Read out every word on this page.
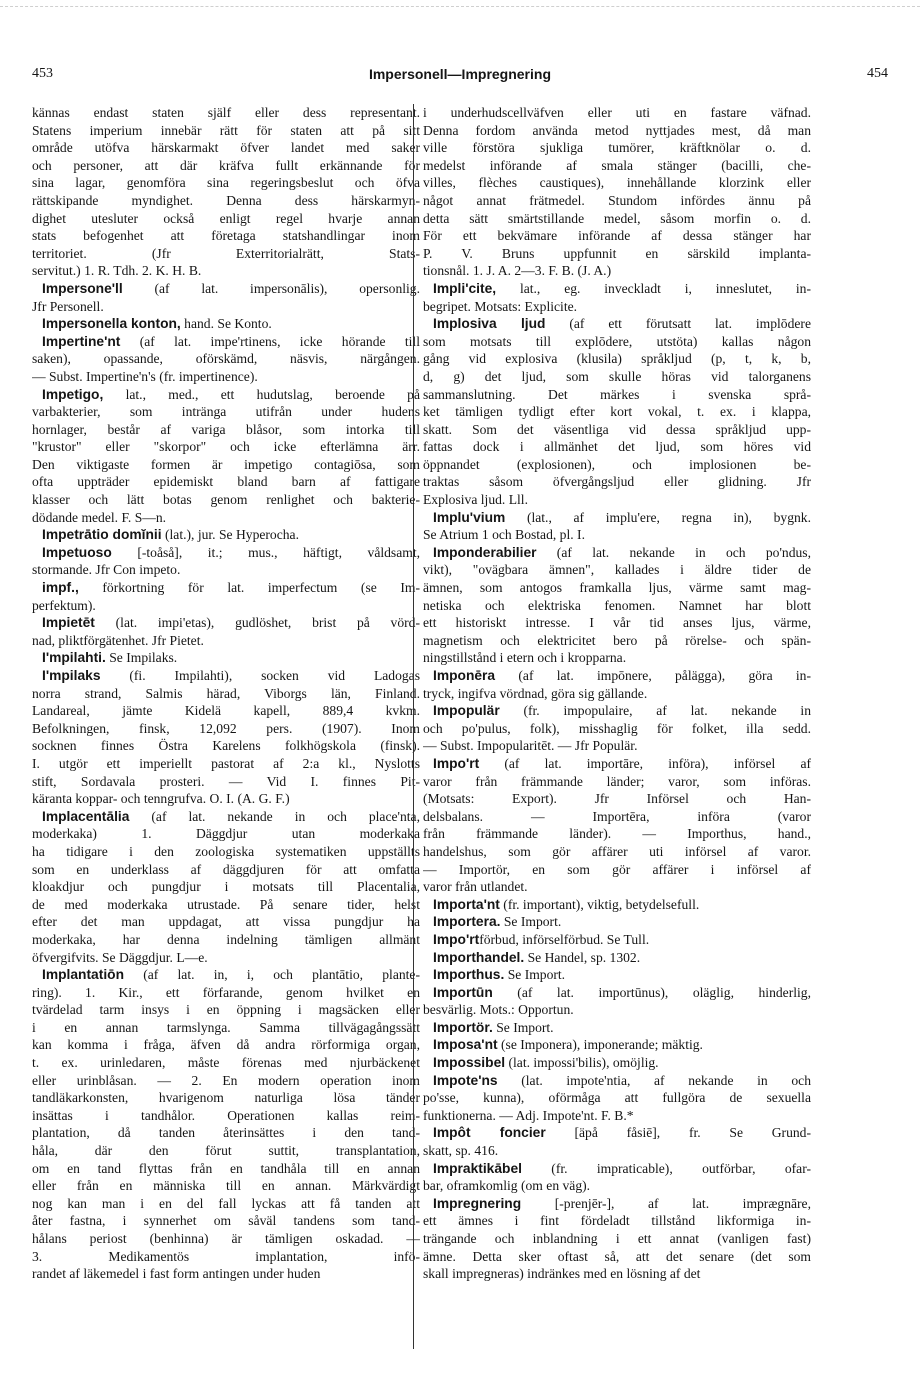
453	Impersonell—Impregnering	454
kännas endast staten själf eller dess representant.
Statens imperium innebär rätt för staten att på sitt
område utöfva härskarmakt öfver landet med saker
och personer, att där kräfva fullt erkännande för
sina lagar, genomföra sina regeringsbeslut och öfva
rättskipande myndighet. Denna dess härskarmyn-
dighet utesluter också enligt regel hvarje annan
stats befogenhet att företaga statshandlingar inom
territoriet. (Jfr Exterritorialrätt, Stats-
servitut.) 1. R. Tdh. 2. K. H. B.
Impersone'll (af lat. impersonālis), opersonlig.
Jfr Personell.
Impersonella konton, hand. Se Konto.
Impertine'nt (af lat. impe'rtinens, icke hörande till
saken), opassande, oförskämd, näsvis, närgången.
— Subst. Impertine'n's (fr. impertinence).
Impetigo, lat., med., ett hudutslag, beroende på
varbakterier, som intränga utifrån under hudens
hornlager, består af variga blåsor, som intorka till
"krustor" eller "skorpor" och icke efterlämna ärr.
Den viktigaste formen är impetigo contagiōsa, som
ofta uppträder epidemiskt bland barn af fattigare
klasser och lätt botas genom renlighet och bakterie-
dödande medel. F. S—n.
Impetrātio domĭnii (lat.), jur. Se Hyperocha.
Impetuoso [-toåså], it.; mus., häftigt, våldsamt,
stormande. Jfr Con impeto.
impf., förkortning för lat. imperfectum (se Im-
perfektum).
Impietēt (lat. impi'etas), gudlöshet, brist på vörd-
nad, pliktförgätenhet. Jfr Pietet.
I'mpilahti. Se Impilaks.
I'mpilaks (fi. Impilahti), socken vid Ladogas
norra strand, Salmis härad, Viborgs län, Finland.
Landareal, jämte Kidelä kapell, 889,4 kvkm.
Befolkningen, finsk, 12,092 pers. (1907). Inom
socknen finnes Östra Karelens folkhögskola (finsk).
I. utgör ett imperiellt pastorat af 2:a kl., Nyslotts
stift, Sordavala prosteri. — Vid I. finnes Pit-
käranta koppar- och tenngrufva. O. I. (A. G. F.)
Implacentālia (af lat. nekande in och place'nta,
moderkaka) 1. Däggdjur utan moderkaka
ha tidigare i den zoologiska systematiken uppställts
som en underklass af däggdjuren för att omfatta
kloakdjur och pungdjur i motsats till Placentalia,
de med moderkaka utrustade. På senare tider, helst
efter det man uppdagat, att vissa pungdjur ha
moderkaka, har denna indelning tämligen allmänt
öfvergifvits. Se Däggdjur. L—e.
Implantatiōn (af lat. in, i, och plantātio, plante-
ring). 1. Kir., ett förfarande, genom hvilket en
tvärdelad tarm insys i en öppning i magsäcken eller
i en annan tarmslynga. Samma tillvägagångssätt
kan komma i fråga, äfven då andra rörformiga organ,
t. ex. urinledaren, måste förenas med njurbäckenet
eller urinblåsan. — 2. En modern operation inom
tandläkarkonsten, hvarigenom naturliga lösa tänder
insättas i tandhålor. Operationen kallas reim-
plantation, då tanden återinsättes i den tand-
håla, där den förut suttit, transplantation,
om en tand flyttas från en tandhåla till en annan
eller från en människa till en annan. Märkvärdigt
nog kan man i en del fall lyckas att få tanden att
åter fastna, i synnerhet om såväl tandens som tand-
hålans periost (benhinna) är tämligen oskadad. —
3. Medikamentös implantation, infö-
randet af läkemedel i fast form antingen under huden
i underhudscellväfven eller uti en fastare väfnad.
Denna fordom använda metod nyttjades mest, då man
ville förstöra sjukliga tumörer, kräftknölar o. d.
medelst införande af smala stänger (bacilli, che-
villes, flèches caustiques), innehållande klorzink eller
något annat frätmedel. Stundom infördes ännu på
detta sätt smärtstillande medel, såsom morfin o. d.
För ett bekvämare införande af dessa stänger har
P. V. Bruns uppfunnit en särskild implanta-
tionsnål. 1. J. A. 2—3. F. B. (J. A.)
Impli'cite, lat., eg. inveckladt i, inneslutet, in-
begripet. Motsats: Explicite.
Implosiva ljud (af ett förutsatt lat. implōdere
som motsats till explōdere, utstöta) kallas någon
gång vid explosiva (klusila) språkljud (p, t, k, b,
d, g) det ljud, som skulle höras vid talorganens
sammanslutning. Det märkes i svenska språ-
ket tämligen tydligt efter kort vokal, t. ex. i klappa,
skatt. Som det väsentliga vid dessa språkljud upp-
fattas dock i allmänhet det ljud, som höres vid
öppnandet (explosionen), och implosionen be-
traktas såsom öfvergångsljud eller glidning. Jfr
Explosiva ljud. Lll.
Implu'vium (lat., af implu'ere, regna in), bygnk.
Se Atrium 1 och Bostad, pl. I.
Imponderabilier (af lat. nekande in och po'ndus,
vikt), "ovägbara ämnen", kallades i äldre tider de
ämnen, som antogos framkalla ljus, värme samt mag-
netiska och elektriska fenomen. Namnet har blott
ett historiskt intresse. I vår tid anses ljus, värme,
magnetism och elektricitet bero på rörelse- och spän-
ningstillstånd i etern och i kropparna.
Imponēra (af lat. impōnere, pålägga), göra in-
tryck, ingifva vördnad, göra sig gällande.
Impopulär (fr. impopulaire, af lat. nekande in
och po'pulus, folk), misshaglig för folket, illa sedd.
— Subst. Impopularitēt. — Jfr Populär.
Impo'rt (af lat. importāre, införa), införsel af
varor från främmande länder; varor, som införas.
(Motsats: Export). Jfr Införsel och Han-
delsbalans. — Importēra, införa (varor
från främmande länder). — Importhus, hand.,
handelshus, som gör affärer uti införsel af varor.
— Importör, en som gör affärer i införsel af
varor från utlandet.
Importa'nt (fr. important), viktig, betydelsefull.
Importera. Se Import.
Impo'rtförbud, införselförbud. Se Tull.
Importhandel. Se Handel, sp. 1302.
Importhus. Se Import.
Importūn (af lat. importūnus), oläglig, hinderlig,
besvärlig. Mots.: Opportun.
Importör. Se Import.
Imposa'nt (se Imponera), imponerande; mäktig.
Impossibel (lat. impossi'bilis), omöjlig.
Impote'ns (lat. impote'ntia, af nekande in och
po'sse, kunna), oförmåga att fullgöra de sexuella
funktionerna. — Adj. Impote'nt. F. B.*
Impôt foncier [äpå fåsiē], fr. Se Grund-
skatt, sp. 416.
Impraktikābel (fr. impraticable), outförbar, ofar-
bar, oframkomlig (om en väg).
Impregnering [-prenjēr-], af lat. imprægnāre,
ett ämnes i fint fördeladt tillstånd likformiga in-
trängande och inblandning i ett annat (vanligen fast)
ämne. Detta sker oftast så, att det senare (det som
skall impregneras) indränkes med en lösning af det
